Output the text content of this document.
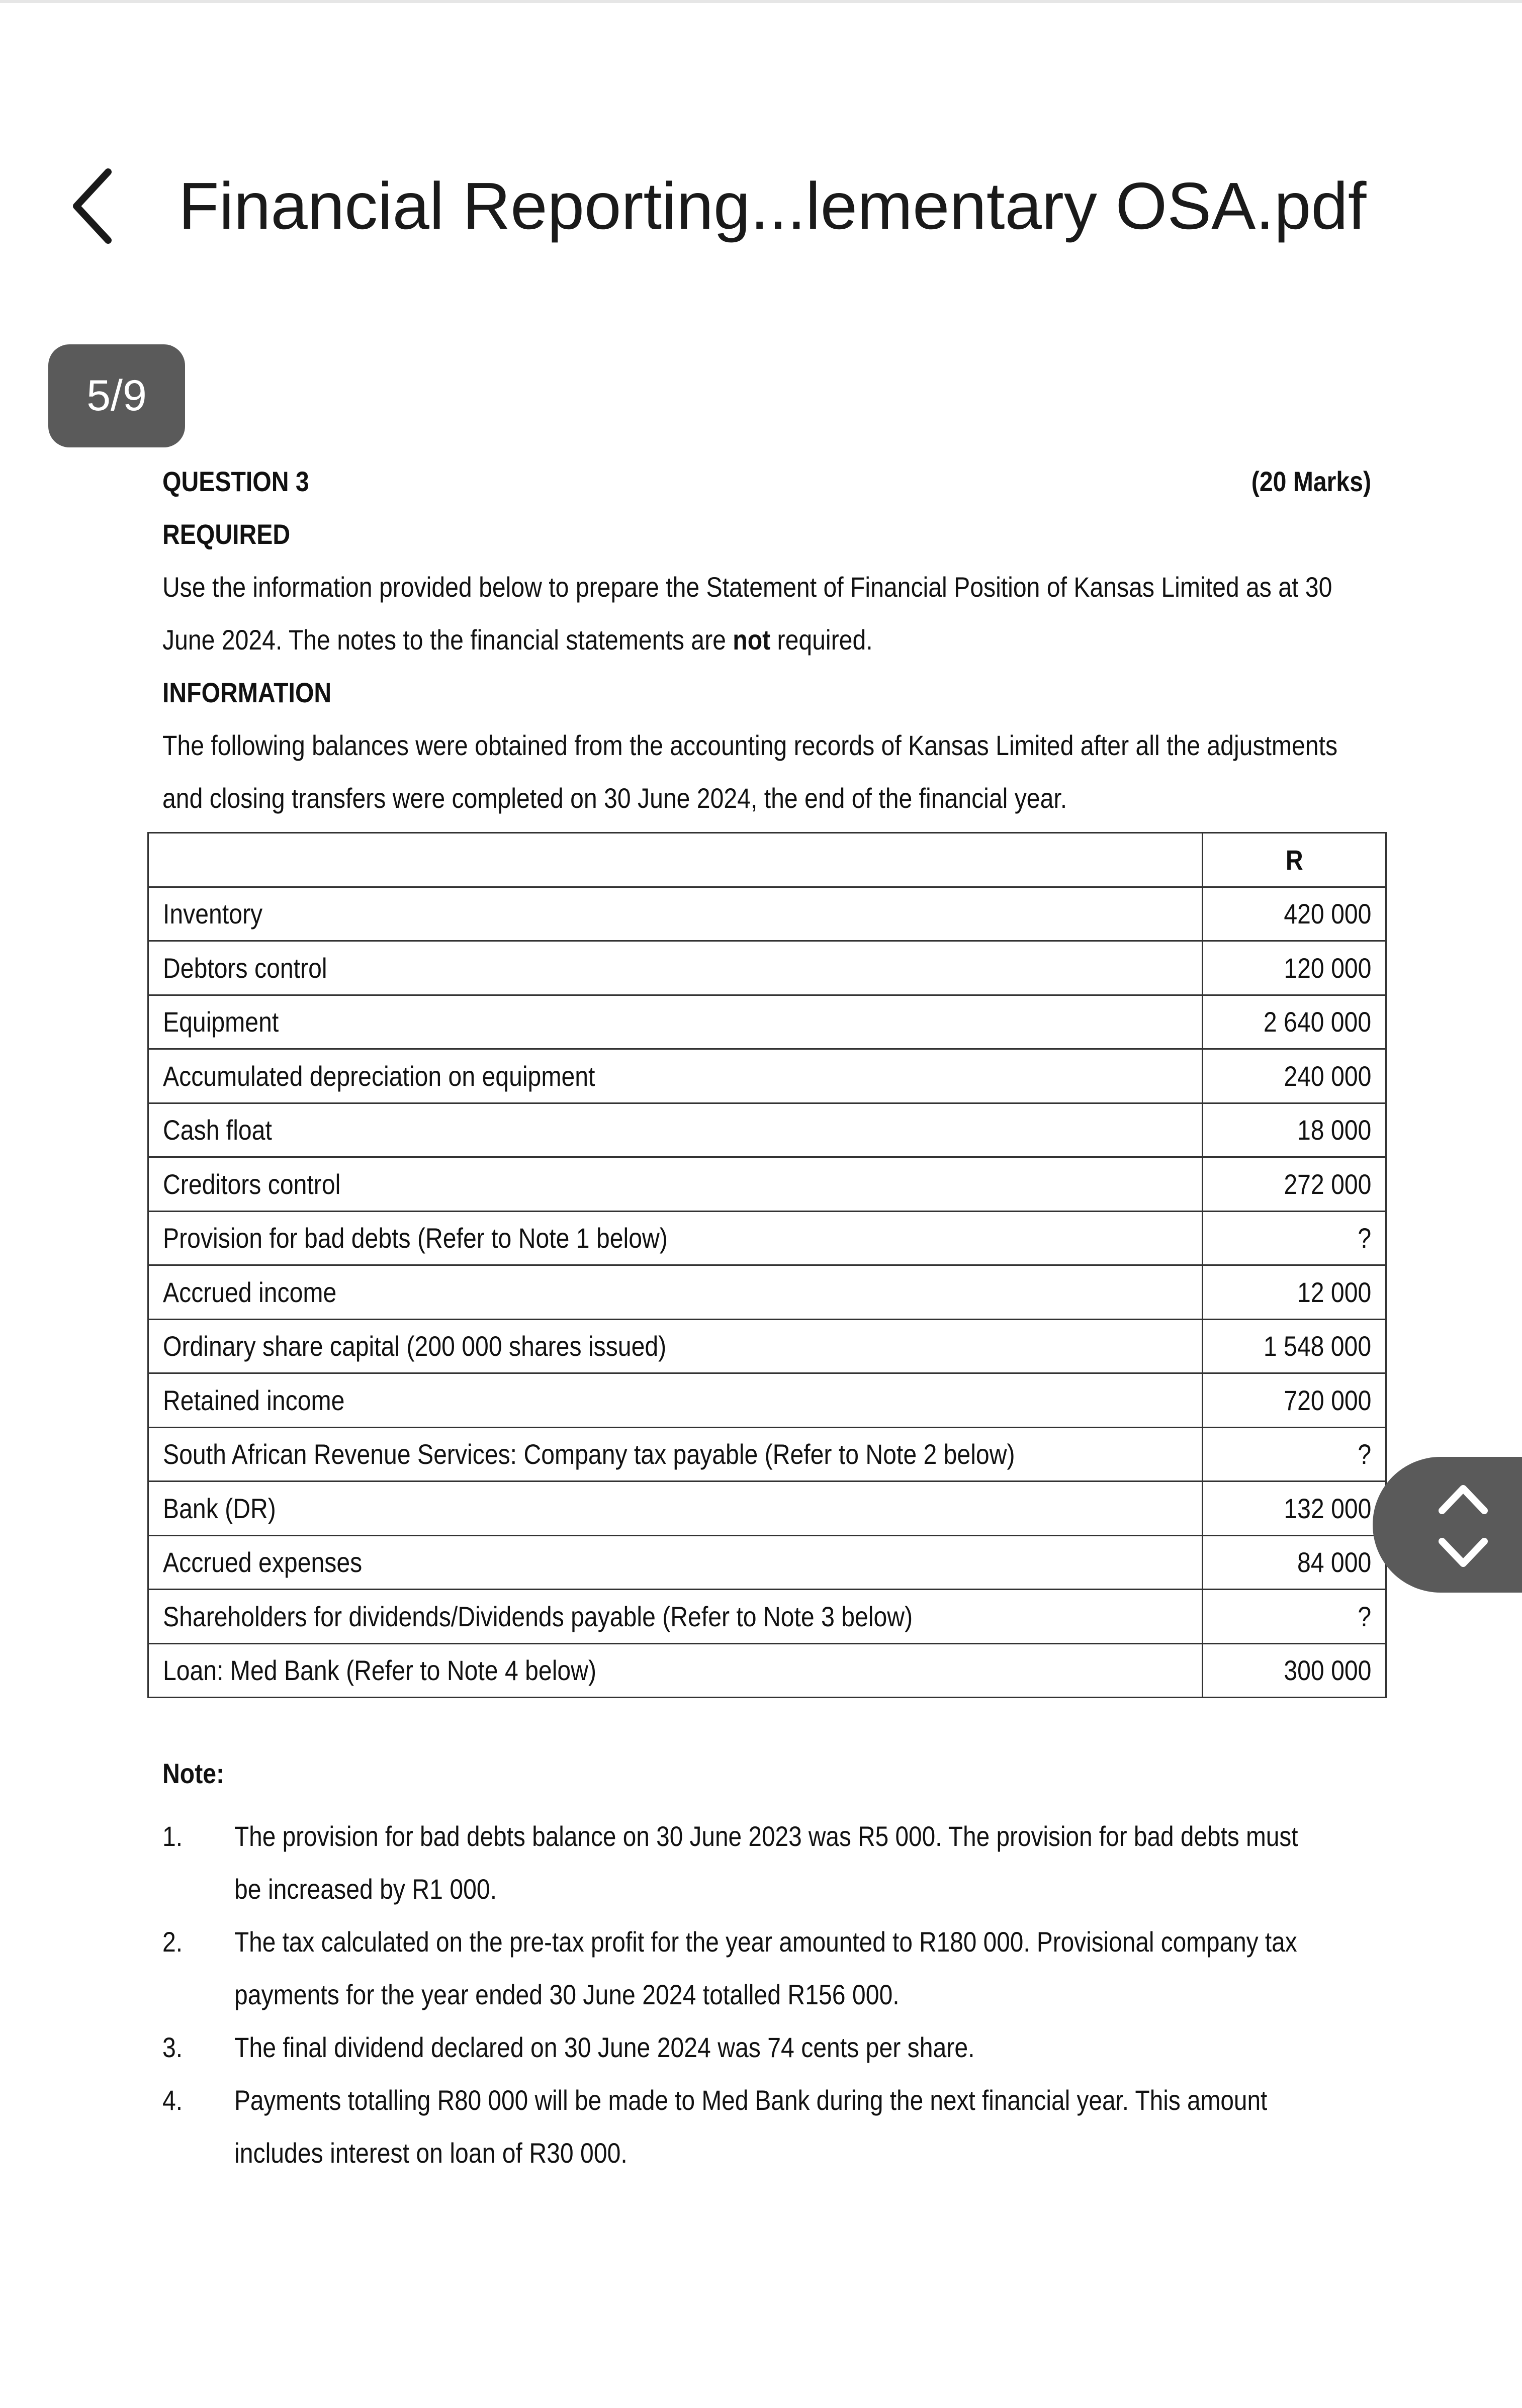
Financial Reporting...lementary OSA.pdf
5/9
QUESTION 3	(20 Marks)
REQUIRED
Use the information provided below to prepare the Statement of Financial Position of Kansas Limited as at 30
June 2024. The notes to the financial statements are not required.
INFORMATION
The following balances were obtained from the accounting records of Kansas Limited after all the adjustments
and closing transfers were completed on 30 June 2024, the end of the financial year.
	R
Inventory	420 000
Debtors control	120 000
Equipment	2 640 000
Accumulated depreciation on equipment	240 000
Cash float	18 000
Creditors control	272 000
Provision for bad debts (Refer to Note 1 below)	?
Accrued income	12 000
Ordinary share capital (200 000 shares issued)	1 548 000
Retained income	720 000
South African Revenue Services: Company tax payable (Refer to Note 2 below)	?
Bank (DR)	132 000
Accrued expenses	84 000
Shareholders for dividends/Dividends payable (Refer to Note 3 below)	?
Loan: Med Bank (Refer to Note 4 below)	300 000
Note:
1. The provision for bad debts balance on 30 June 2023 was R5 000. The provision for bad debts must
be increased by R1 000.
2. The tax calculated on the pre-tax profit for the year amounted to R180 000. Provisional company tax
payments for the year ended 30 June 2024 totalled R156 000.
3. The final dividend declared on 30 June 2024 was 74 cents per share.
4. Payments totalling R80 000 will be made to Med Bank during the next financial year. This amount
includes interest on loan of R30 000.
